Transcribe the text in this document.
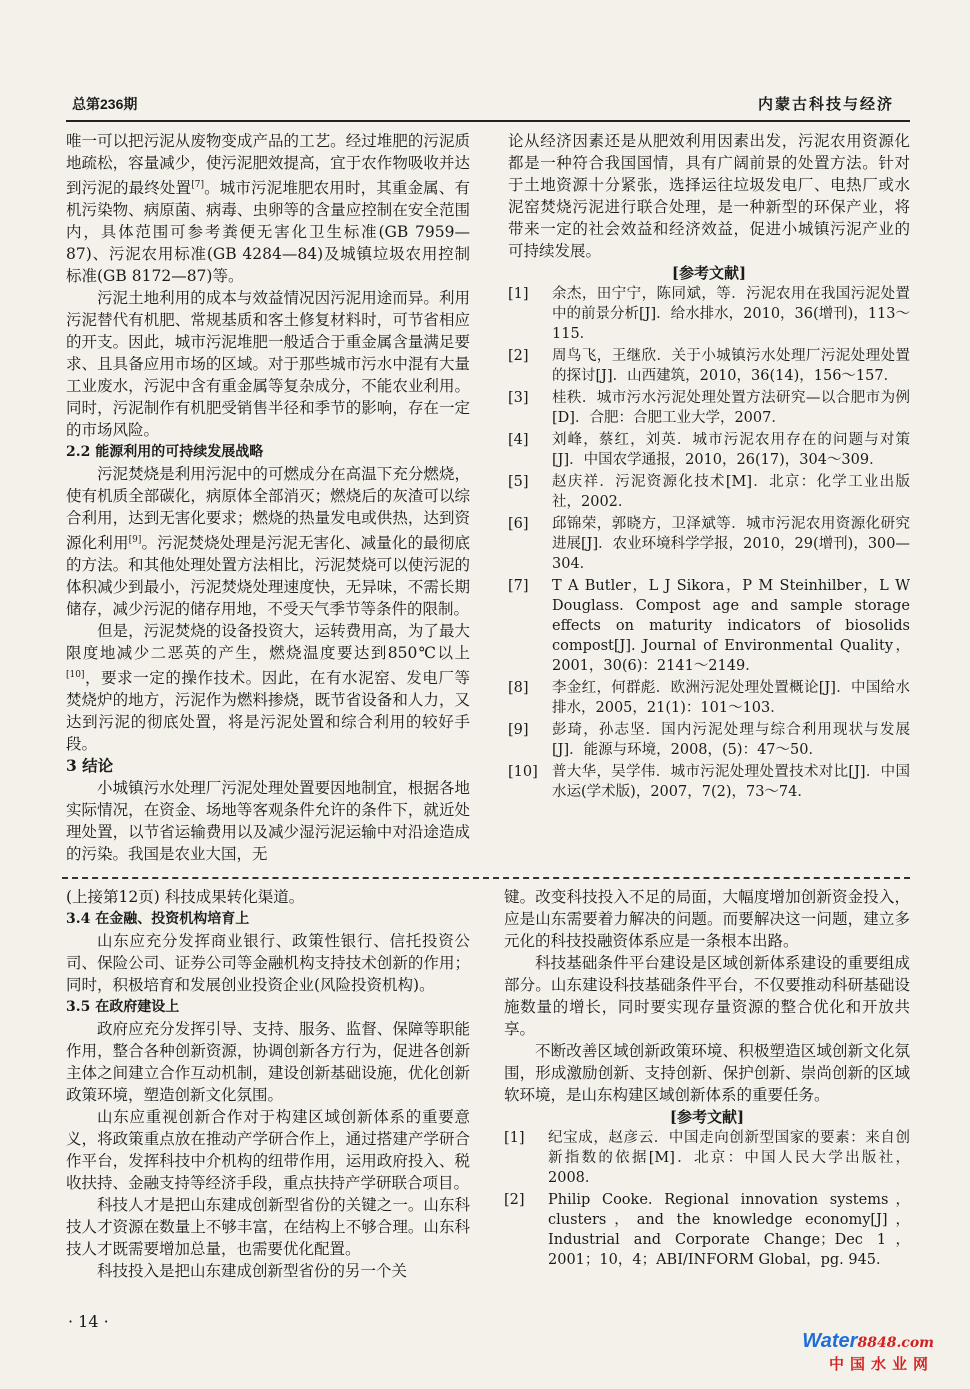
总第236期	内蒙古科技与经济

唯一可以把污泥从废物变成产品的工艺。经过堆肥的污泥质地疏松，容量减少，使污泥肥效提高，宜于农作物吸收并达到污泥的最终处置[7]。城市污泥堆肥农用时，其重金属、有机污染物、病原菌、病毒、虫卵等的含量应控制在安全范围内，具体范围可参考粪便无害化卫生标准(GB 7959—87)、污泥农用标准(GB 4284—84)及城镇垃圾农用控制标准(GB 8172—87)等。

污泥土地利用的成本与效益情况因污泥用途而异。利用污泥替代有机肥、常规基质和客土修复材料时，可节省相应的开支。因此，城市污泥堆肥一般适合于重金属含量满足要求、且具备应用市场的区域。对于那些城市污水中混有大量工业废水，污泥中含有重金属等复杂成分，不能农业利用。同时，污泥制作有机肥受销售半径和季节的影响，存在一定的市场风险。

2.2 能源利用的可持续发展战略

污泥焚烧是利用污泥中的可燃成分在高温下充分燃烧，使有机质全部碳化，病原体全部消灭；燃烧后的灰渣可以综合利用，达到无害化要求；燃烧的热量发电或供热，达到资源化利用[9]。污泥焚烧处理是污泥无害化、减量化的最彻底的方法。和其他处理处置方法相比，污泥焚烧可以使污泥的体积减少到最小，污泥焚烧处理速度快，无异味，不需长期储存，减少污泥的储存用地，不受天气季节等条件的限制。

但是，污泥焚烧的设备投资大，运转费用高，为了最大限度地减少二恶英的产生，燃烧温度要达到850℃以上[10]，要求一定的操作技术。因此，在有水泥窑、发电厂等焚烧炉的地方，污泥作为燃料掺烧，既节省设备和人力，又达到污泥的彻底处置，将是污泥处置和综合利用的较好手段。

3 结论

小城镇污水处理厂污泥处理处置要因地制宜，根据各地实际情况，在资金、场地等客观条件允许的条件下，就近处理处置，以节省运输费用以及减少湿污泥运输中对沿途造成的污染。我国是农业大国，无

论从经济因素还是从肥效利用因素出发，污泥农用资源化都是一种符合我国国情，具有广阔前景的处置方法。针对于土地资源十分紧张，选择运往垃圾发电厂、电热厂或水泥窑焚烧污泥进行联合处理，是一种新型的环保产业，将带来一定的社会效益和经济效益，促进小城镇污泥产业的可持续发展。

[参考文献]

[1]	余杰，田宁宁，陈同斌，等．污泥农用在我国污泥处置中的前景分析[J]．给水排水，2010，36(增刊)，113～115．
[2]	周鸟飞，王继欣．关于小城镇污水处理厂污泥处理处置的探讨[J]．山西建筑，2010，36(14)，156～157．
[3]	桂秩．城市污水污泥处理处置方法研究—以合肥市为例[D]．合肥：合肥工业大学，2007．
[4]	刘峰，蔡红，刘英．城市污泥农用存在的问题与对策[J]．中国农学通报，2010，26(17)，304～309．
[5]	赵庆祥．污泥资源化技术[M]．北京：化学工业出版社，2002．
[6]	邱锦荣，郭晓方，卫泽斌等．城市污泥农用资源化研究进展[J]．农业环境科学学报，2010，29(增刊)，300—304．
[7]	T A Butler，L J Sikora，P M Steinhilber，L W Douglass. Compost age and sample storage effects on maturity indicators of biosolids compost[J]. Journal of Environmental Quality，2001，30(6)：2141～2149．
[8]	李金红，何群彪．欧洲污泥处理处置概论[J]．中国给水排水，2005，21(1)：101～103．
[9]	彭琦，孙志坚．国内污泥处理与综合利用现状与发展[J]．能源与环境，2008，(5)：47～50．
[10] 普大华，吴学伟．城市污泥处理处置技术对比[J]．中国水运(学术版)，2007，7(2)，73～74．

(上接第12页) 科技成果转化渠道。

3.4 在金融、投资机构培育上

山东应充分发挥商业银行、政策性银行、信托投资公司、保险公司、证券公司等金融机构支持技术创新的作用；同时，积极培育和发展创业投资企业(风险投资机构)。

3.5 在政府建设上

政府应充分发挥引导、支持、服务、监督、保障等职能作用，整合各种创新资源，协调创新各方行为，促进各创新主体之间建立合作互动机制，建设创新基础设施，优化创新政策环境，塑造创新文化氛围。

山东应重视创新合作对于构建区域创新体系的重要意义，将政策重点放在推动产学研合作上，通过搭建产学研合作平台，发挥科技中介机构的纽带作用，运用政府投入、税收扶持、金融支持等经济手段，重点扶持产学研联合项目。

科技人才是把山东建成创新型省份的关键之一。山东科技人才资源在数量上不够丰富，在结构上不够合理。山东科技人才既需要增加总量，也需要优化配置。

科技投入是把山东建成创新型省份的另一个关

键。改变科技投入不足的局面，大幅度增加创新资金投入，应是山东需要着力解决的问题。而要解决这一问题，建立多元化的科技投融资体系应是一条根本出路。

科技基础条件平台建设是区域创新体系建设的重要组成部分。山东建设科技基础条件平台，不仅要推动科研基础设施数量的增长，同时要实现存量资源的整合优化和开放共享。

不断改善区域创新政策环境、积极塑造区域创新文化氛围，形成激励创新、支持创新、保护创新、崇尚创新的区域软环境，是山东构建区域创新体系的重要任务。

[参考文献]

[1]	纪宝成，赵彦云．中国走向创新型国家的要素：来自创新指数的依据[M]．北京：中国人民大学出版社，2008．
[2]	Philip Cooke. Regional innovation systems，clusters，and the knowledge economy[J]，Industrial and Corporate Change；Dec 1，2001；10，4；ABI/INFORM Global，pg. 945．
· 14 ·
Water8848.com
中国水业网
